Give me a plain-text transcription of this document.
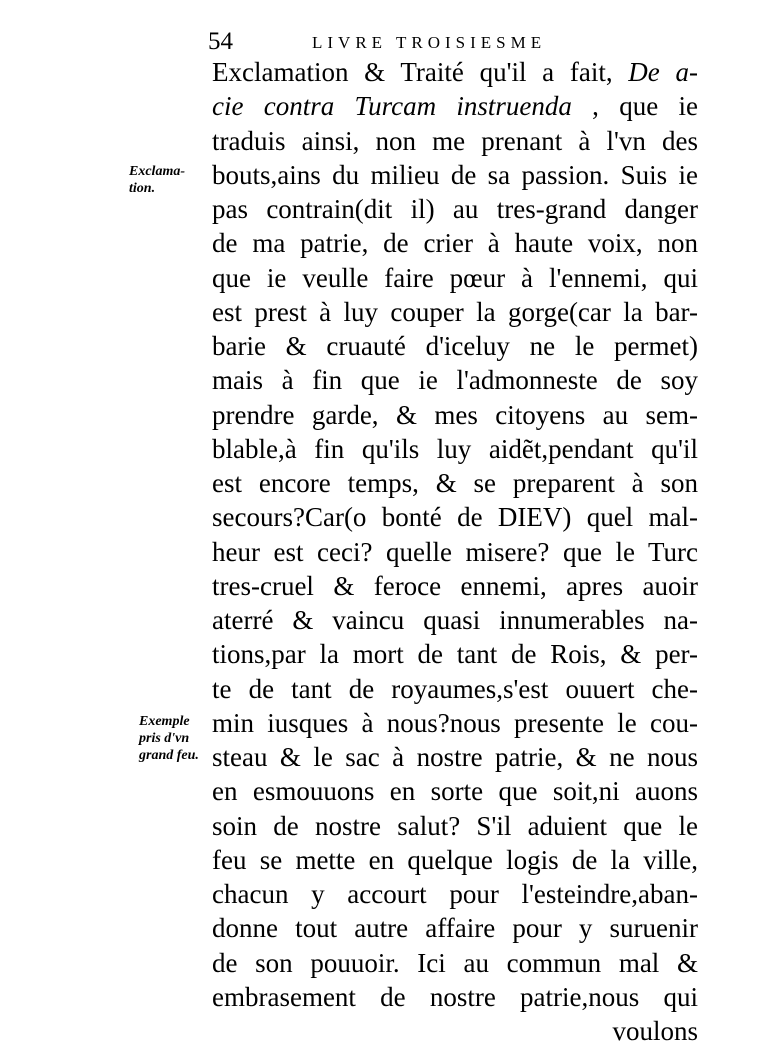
54	LIVRE TROISIESME
Exclama-
tion.
Exemple
pris d'vn
grand feu.
Exclamation & Traité qu'il a fait, De a-
cie contra Turcam instruenda , que ie
traduis ainsi, non me prenant à l'vn des
bouts,ains du milieu de sa passion. Suis ie
pas contrain(dit il) au tres-grand danger
de ma patrie, de crier à haute voix, non
que ie veulle faire pœur à l'ennemi, qui
est prest à luy couper la gorge(car la bar-
barie & cruauté d'iceluy ne le permet)
mais à fin que ie l'admonneste de soy
prendre garde, & mes citoyens au sem-
blable,à fin qu'ils luy aidẽt,pendant qu'il
est encore temps, & se preparent à son
secours?Car(o bonté de DIEV) quel mal-
heur est ceci? quelle misere? que le Turc
tres-cruel & feroce ennemi, apres auoir
aterré & vaincu quasi innumerables na-
tions,par la mort de tant de Rois, & per-
te de tant de royaumes,s'est ouuert che-
min iusques à nous?nous presente le cou-
steau & le sac à nostre patrie, & ne nous
en esmouuons en sorte que soit,ni auons
soin de nostre salut? S'il aduient que le
feu se mette en quelque logis de la ville,
chacun y accourt pour l'esteindre,aban-
donne tout autre affaire pour y suruenir
de son pouuoir. Ici au commun mal &
embrasement de nostre patrie,nous qui
voulons
